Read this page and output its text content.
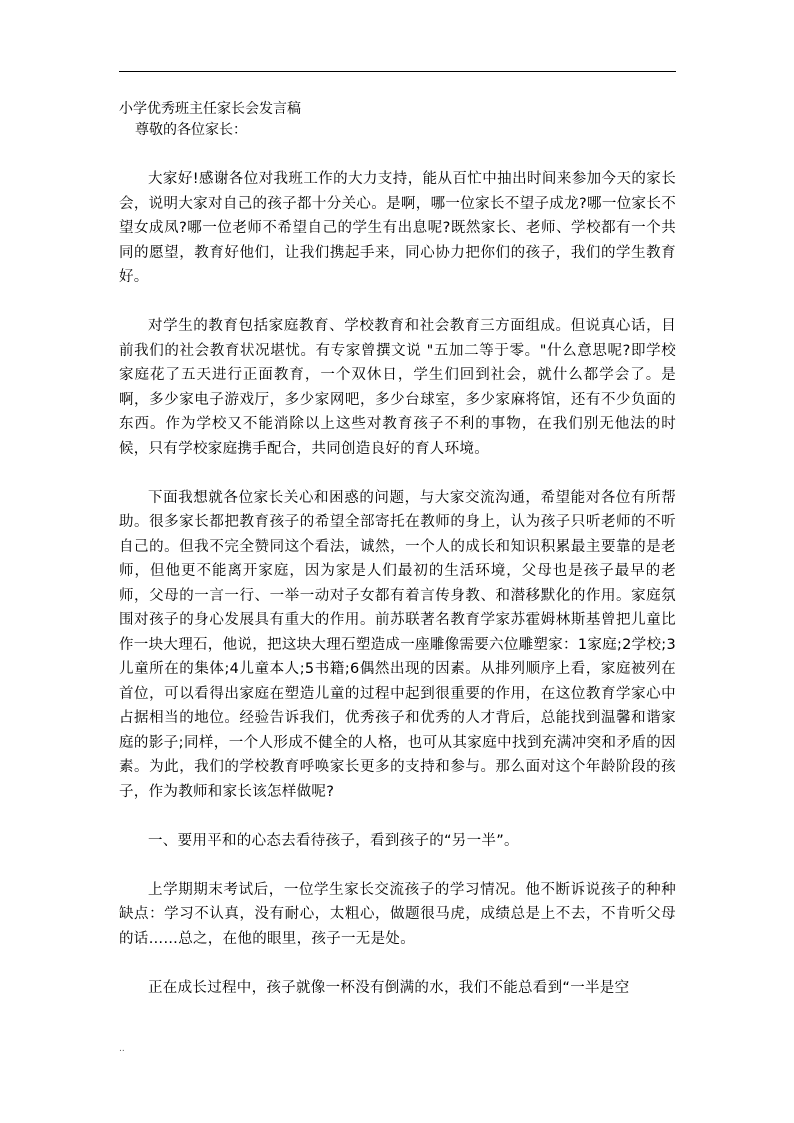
小学优秀班主任家长会发言稿

尊敬的各位家长：

大家好!感谢各位对我班工作的大力支持，能从百忙中抽出时间来参加今天的家长会，说明大家对自己的孩子都十分关心。是啊，哪一位家长不望子成龙?哪一位家长不望女成凤?哪一位老师不希望自己的学生有出息呢?既然家长、老师、学校都有一个共同的愿望，教育好他们，让我们携起手来，同心协力把你们的孩子，我们的学生教育好。

对学生的教育包括家庭教育、学校教育和社会教育三方面组成。但说真心话，目前我们的社会教育状况堪忧。有专家曾撰文说 "五加二等于零。"什么意思呢?即学校家庭花了五天进行正面教育，一个双休日，学生们回到社会，就什么都学会了。是啊，多少家电子游戏厅，多少家网吧，多少台球室，多少家麻将馆，还有不少负面的东西。作为学校又不能消除以上这些对教育孩子不利的事物，在我们别无他法的时候，只有学校家庭携手配合，共同创造良好的育人环境。

下面我想就各位家长关心和困惑的问题，与大家交流沟通，希望能对各位有所帮助。很多家长都把教育孩子的希望全部寄托在教师的身上，认为孩子只听老师的不听自己的。但我不完全赞同这个看法，诚然，一个人的成长和知识积累最主要靠的是老师，但他更不能离开家庭，因为家是人们最初的生活环境，父母也是孩子最早的老师，父母的一言一行、一举一动对子女都有着言传身教、和潜移默化的作用。家庭氛围对孩子的身心发展具有重大的作用。前苏联著名教育学家苏霍姆林斯基曾把儿童比作一块大理石，他说，把这块大理石塑造成一座雕像需要六位雕塑家：1家庭;2学校;3儿童所在的集体;4儿童本人;5书籍;6偶然出现的因素。从排列顺序上看，家庭被列在首位，可以看得出家庭在塑造儿童的过程中起到很重要的作用，在这位教育学家心中占据相当的地位。经验告诉我们，优秀孩子和优秀的人才背后，总能找到温馨和谐家庭的影子;同样，一个人形成不健全的人格，也可从其家庭中找到充满冲突和矛盾的因素。为此，我们的学校教育呼唤家长更多的支持和参与。那么面对这个年龄阶段的孩子，作为教师和家长该怎样做呢?

一、要用平和的心态去看待孩子，看到孩子的“另一半”。

上学期期末考试后，一位学生家长交流孩子的学习情况。他不断诉说孩子的种种缺点：学习不认真，没有耐心，太粗心，做题很马虎，成绩总是上不去，不肯听父母的话……总之，在他的眼里，孩子一无是处。

正在成长过程中，孩子就像一杯没有倒满的水，我们不能总看到“一半是空

..
